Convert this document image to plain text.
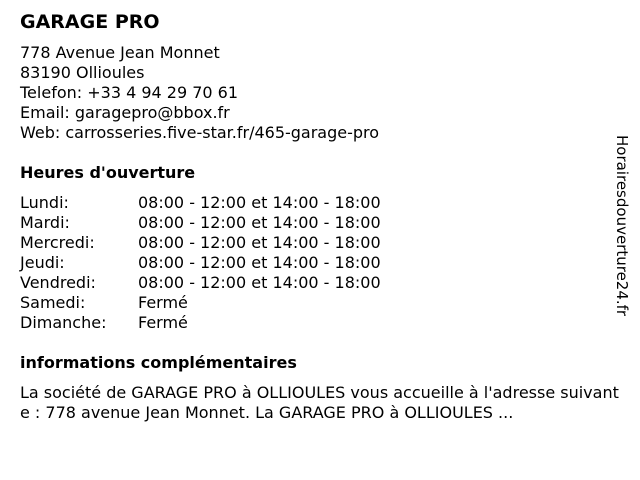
GARAGE PRO
778 Avenue Jean Monnet
83190 Ollioules
Telefon: +33 4 94 29 70 61
Email: garagepro@bbox.fr
Web: carrosseries.five-star.fr/465-garage-pro
Heures d'ouverture
Lundi:	08:00 - 12:00 et 14:00 - 18:00
Mardi:	08:00 - 12:00 et 14:00 - 18:00
Mercredi:	08:00 - 12:00 et 14:00 - 18:00
Jeudi:	08:00 - 12:00 et 14:00 - 18:00
Vendredi:	08:00 - 12:00 et 14:00 - 18:00
Samedi:	Fermé
Dimanche: Fermé
informations complémentaires
La société de GARAGE PRO à OLLIOULES vous accueille à l'adresse suivante : 778 avenue Jean Monnet. La GARAGE PRO à OLLIOULES ...
Horairesdouverture24.fr
